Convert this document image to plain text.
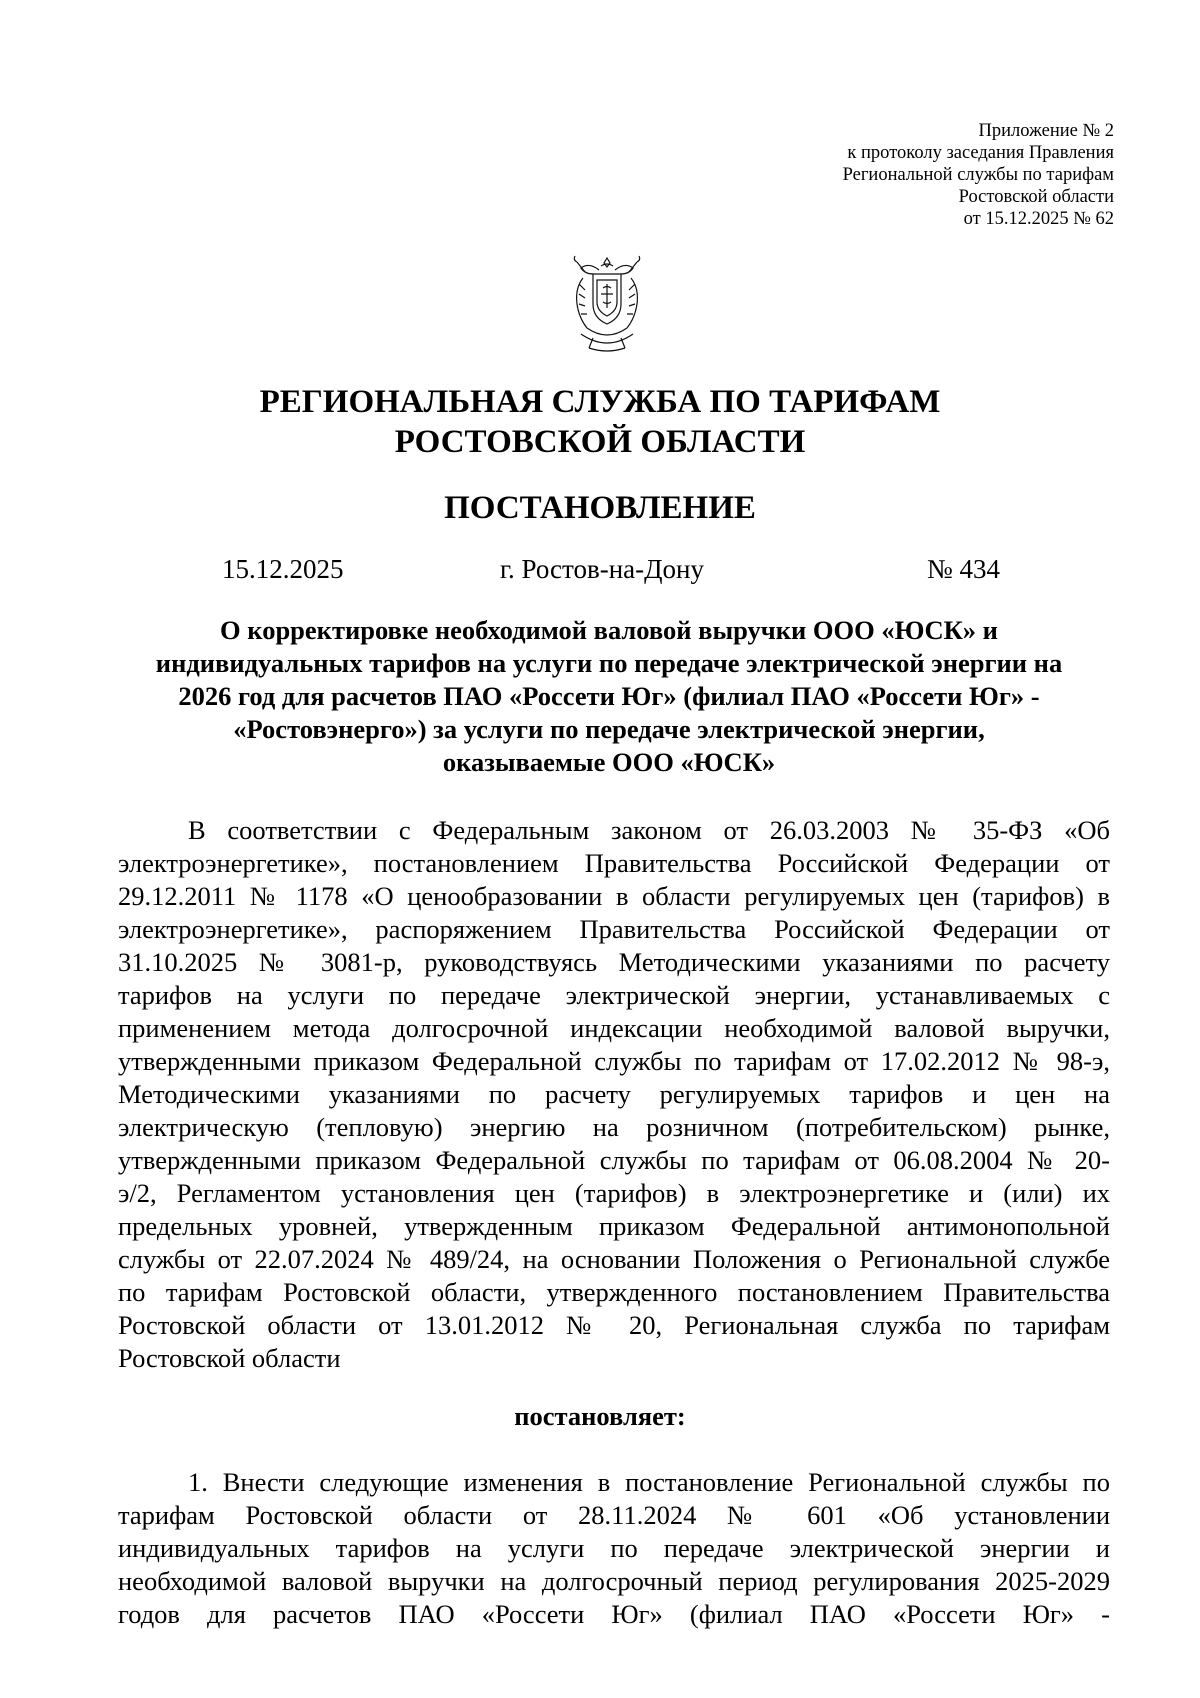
Приложение № 2
к протоколу заседания Правления
Региональной службы по тарифам
Ростовской области
от 15.12.2025 № 62
РЕГИОНАЛЬНАЯ СЛУЖБА ПО ТАРИФАМ
РОСТОВСКОЙ ОБЛАСТИ
ПОСТАНОВЛЕНИЕ
15.12.2025	г. Ростов-на-Дону	№ 434
О корректировке необходимой валовой выручки ООО «ЮСК» и
индивидуальных тарифов на услуги по передаче электрической энергии на
2026 год для расчетов ПАО «Россети Юг» (филиал ПАО «Россети Юг» -
«Ростовэнерго») за услуги по передаче электрической энергии,
оказываемые ООО «ЮСК»
В соответствии с Федеральным законом от 26.03.2003 № 35-ФЗ «Об
электроэнергетике», постановлением Правительства Российской Федерации от
29.12.2011 № 1178 «О ценообразовании в области регулируемых цен (тарифов) в
электроэнергетике», распоряжением Правительства Российской Федерации от
31.10.2025 № 3081-р, руководствуясь Методическими указаниями по расчету
тарифов на услуги по передаче электрической энергии, устанавливаемых с
применением метода долгосрочной индексации необходимой валовой выручки,
утвержденными приказом Федеральной службы по тарифам от 17.02.2012 № 98-э,
Методическими указаниями по расчету регулируемых тарифов и цен на
электрическую (тепловую) энергию на розничном (потребительском) рынке,
утвержденными приказом Федеральной службы по тарифам от 06.08.2004 № 20-
э/2, Регламентом установления цен (тарифов) в электроэнергетике и (или) их
предельных уровней, утвержденным приказом Федеральной антимонопольной
службы от 22.07.2024 № 489/24, на основании Положения о Региональной службе
по тарифам Ростовской области, утвержденного постановлением Правительства
Ростовской области от 13.01.2012 № 20, Региональная служба по тарифам
Ростовской области
постановляет:
1. Внести следующие изменения в постановление Региональной службы по
тарифам Ростовской области от 28.11.2024 № 601 «Об установлении
индивидуальных тарифов на услуги по передаче электрической энергии и
необходимой валовой выручки на долгосрочный период регулирования 2025-2029
годов для расчетов ПАО «Россети Юг» (филиал ПАО «Россети Юг» -
